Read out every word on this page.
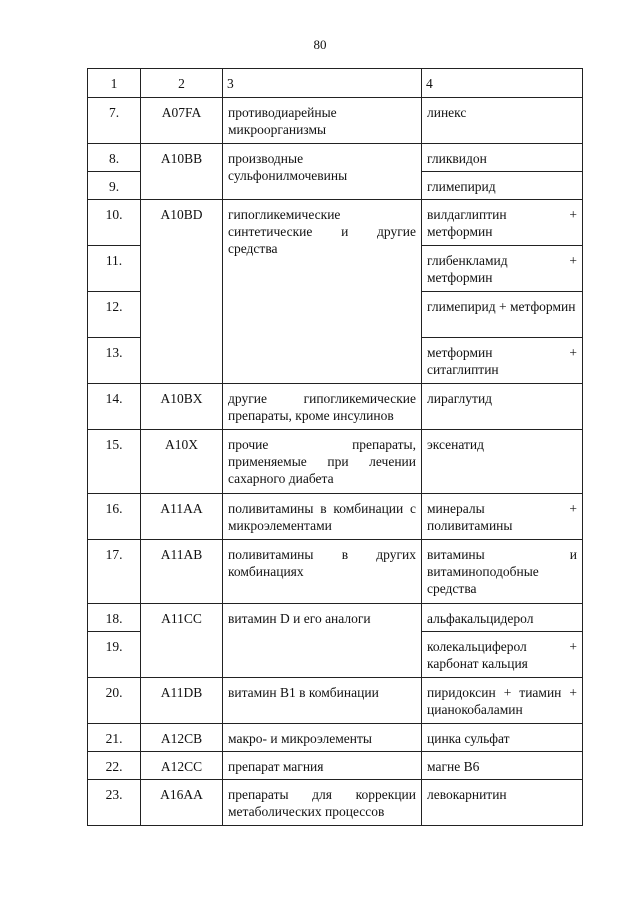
80
1	2	3	4
7.	A07FA	противодиарейные микроорганизмы	линекс
8.	A10BB	производные сульфонилмочевины	гликвидон
9.			глимепирид
10.	A10BD	гипогликемические синтетические и другие средства	вилдаглиптин + метформин
11.			глибенкламид + метформин
12.			глимепирид + метформин
13.			метформин + ситаглиптин
14.	A10BX	другие гипогликемические препараты, кроме инсулинов	лираглутид
15.	A10X	прочие препараты, применяемые при лечении сахарного диабета	эксенатид
16.	A11AA	поливитамины в комбинации с микроэлементами	минералы + поливитамины
17.	A11AB	поливитамины в других комбинациях	витамины и витаминоподобные средства
18.	A11CC	витамин D и его аналоги	альфакальцидерол
19.			колекальциферол + карбонат кальция
20.	A11DB	витамин В1 в комбинации	пиридоксин + тиамин + цианокобаламин
21.	A12CB	макро- и микроэлементы	цинка сульфат
22.	A12CC	препарат магния	магне В6
23.	A16AA	препараты для коррекции метаболических процессов	левокарнитин
